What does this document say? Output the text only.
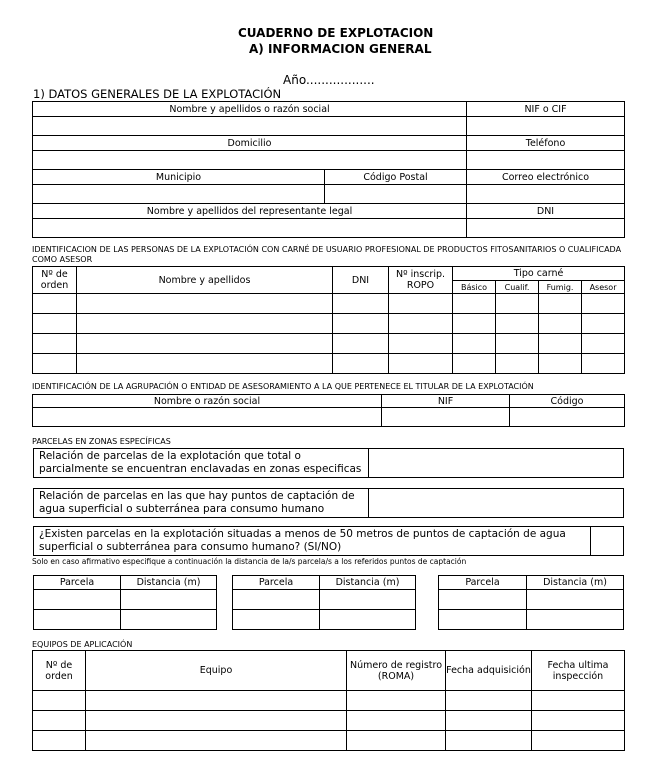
CUADERNO DE EXPLOTACION
A) INFORMACION GENERAL
Año..................
1) DATOS GENERALES DE LA EXPLOTACIÓN
Nombre y apellidos o razón social		NIF o CIF

Domicilio		Teléfono

Municipio	Código Postal	Correo electrónico

Nombre y apellidos del representante legal		DNI

IDENTIFICACION DE LAS PERSONAS DE LA EXPLOTACIÓN CON CARNÉ DE USUARIO PROFESIONAL DE PRODUCTOS FITOSANITARIOS O CUALIFICADA COMO ASESOR
Nº de orden	Nombre y apellidos	DNI	Nº inscrip. ROPO	Tipo carné			
				Básico	Cualif.	Fumig.	Asesor

IDENTIFICACIÓN DE LA AGRUPACIÓN O ENTIDAD DE ASESORAMIENTO A LA QUE PERTENECE EL TITULAR DE LA EXPLOTACIÓN
Nombre o razón social	NIF	Código

PARCELAS EN ZONAS ESPECÍFICAS
Relación de parcelas de la explotación que total o parcialmente se encuentran enclavadas en zonas especificas	
Relación de parcelas en las que hay puntos de captación de agua superficial o subterránea para consumo humano	
¿Existen parcelas en la explotación situadas a menos de 50 metros de puntos de captación de agua superficial o subterránea para consumo humano? (SI/NO)	
Solo en caso afirmativo especifique a continuación la distancia de la/s parcela/s a los referidos puntos de captación
Parcela	Distancia (m)

		Parcela	Distancia (m)

		Parcela	Distancia (m)

EQUIPOS DE APLICACIÓN
Nº de orden	Equipo	Número de registro (ROMA)	Fecha adquisición	Fecha ultima inspección
